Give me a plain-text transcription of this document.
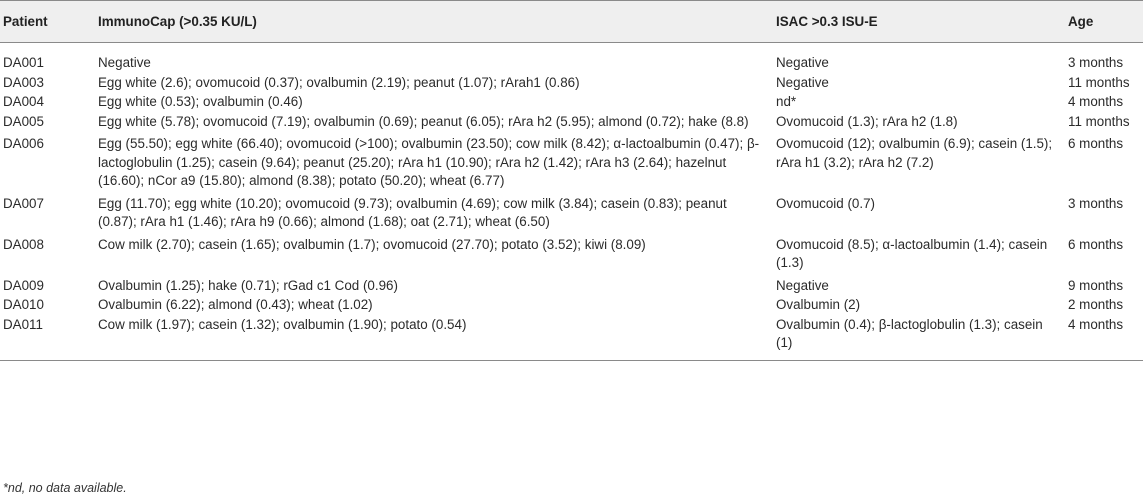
Patient	ImmunoCap (>0.35 KU/L)	ISAC >0.3 ISU-E	Age
DA001	Negative	Negative	3 months
DA003	Egg white (2.6); ovomucoid (0.37); ovalbumin (2.19); peanut (1.07); rArah1 (0.86)	Negative	11 months
DA004	Egg white (0.53); ovalbumin (0.46)	nd*	4 months
DA005	Egg white (5.78); ovomucoid (7.19); ovalbumin (0.69); peanut (6.05); rAra h2 (5.95); almond (0.72); hake (8.8)	Ovomucoid (1.3); rAra h2 (1.8)	11 months
DA006	Egg (55.50); egg white (66.40); ovomucoid (>100); ovalbumin (23.50); cow milk (8.42); α-lactoalbumin (0.47); β-lactoglobulin (1.25); casein (9.64); peanut (25.20); rAra h1 (10.90); rAra h2 (1.42); rAra h3 (2.64); hazelnut (16.60); nCor a9 (15.80); almond (8.38); potato (50.20); wheat (6.77)	Ovomucoid (12); ovalbumin (6.9); casein (1.5); rAra h1 (3.2); rAra h2 (7.2)	6 months
DA007	Egg (11.70); egg white (10.20); ovomucoid (9.73); ovalbumin (4.69); cow milk (3.84); casein (0.83); peanut (0.87); rAra h1 (1.46); rAra h9 (0.66); almond (1.68); oat (2.71); wheat (6.50)	Ovomucoid (0.7)	3 months
DA008	Cow milk (2.70); casein (1.65); ovalbumin (1.7); ovomucoid (27.70); potato (3.52); kiwi (8.09)	Ovomucoid (8.5); α-lactoalbumin (1.4); casein (1.3)	6 months
DA009	Ovalbumin (1.25); hake (0.71); rGad c1 Cod (0.96)	Negative	9 months
DA010	Ovalbumin (6.22); almond (0.43); wheat (1.02)	Ovalbumin (2)	2 months
DA011	Cow milk (1.97); casein (1.32); ovalbumin (1.90); potato (0.54)	Ovalbumin (0.4); β-lactoglobulin (1.3); casein (1)	4 months
*nd, no data available.
